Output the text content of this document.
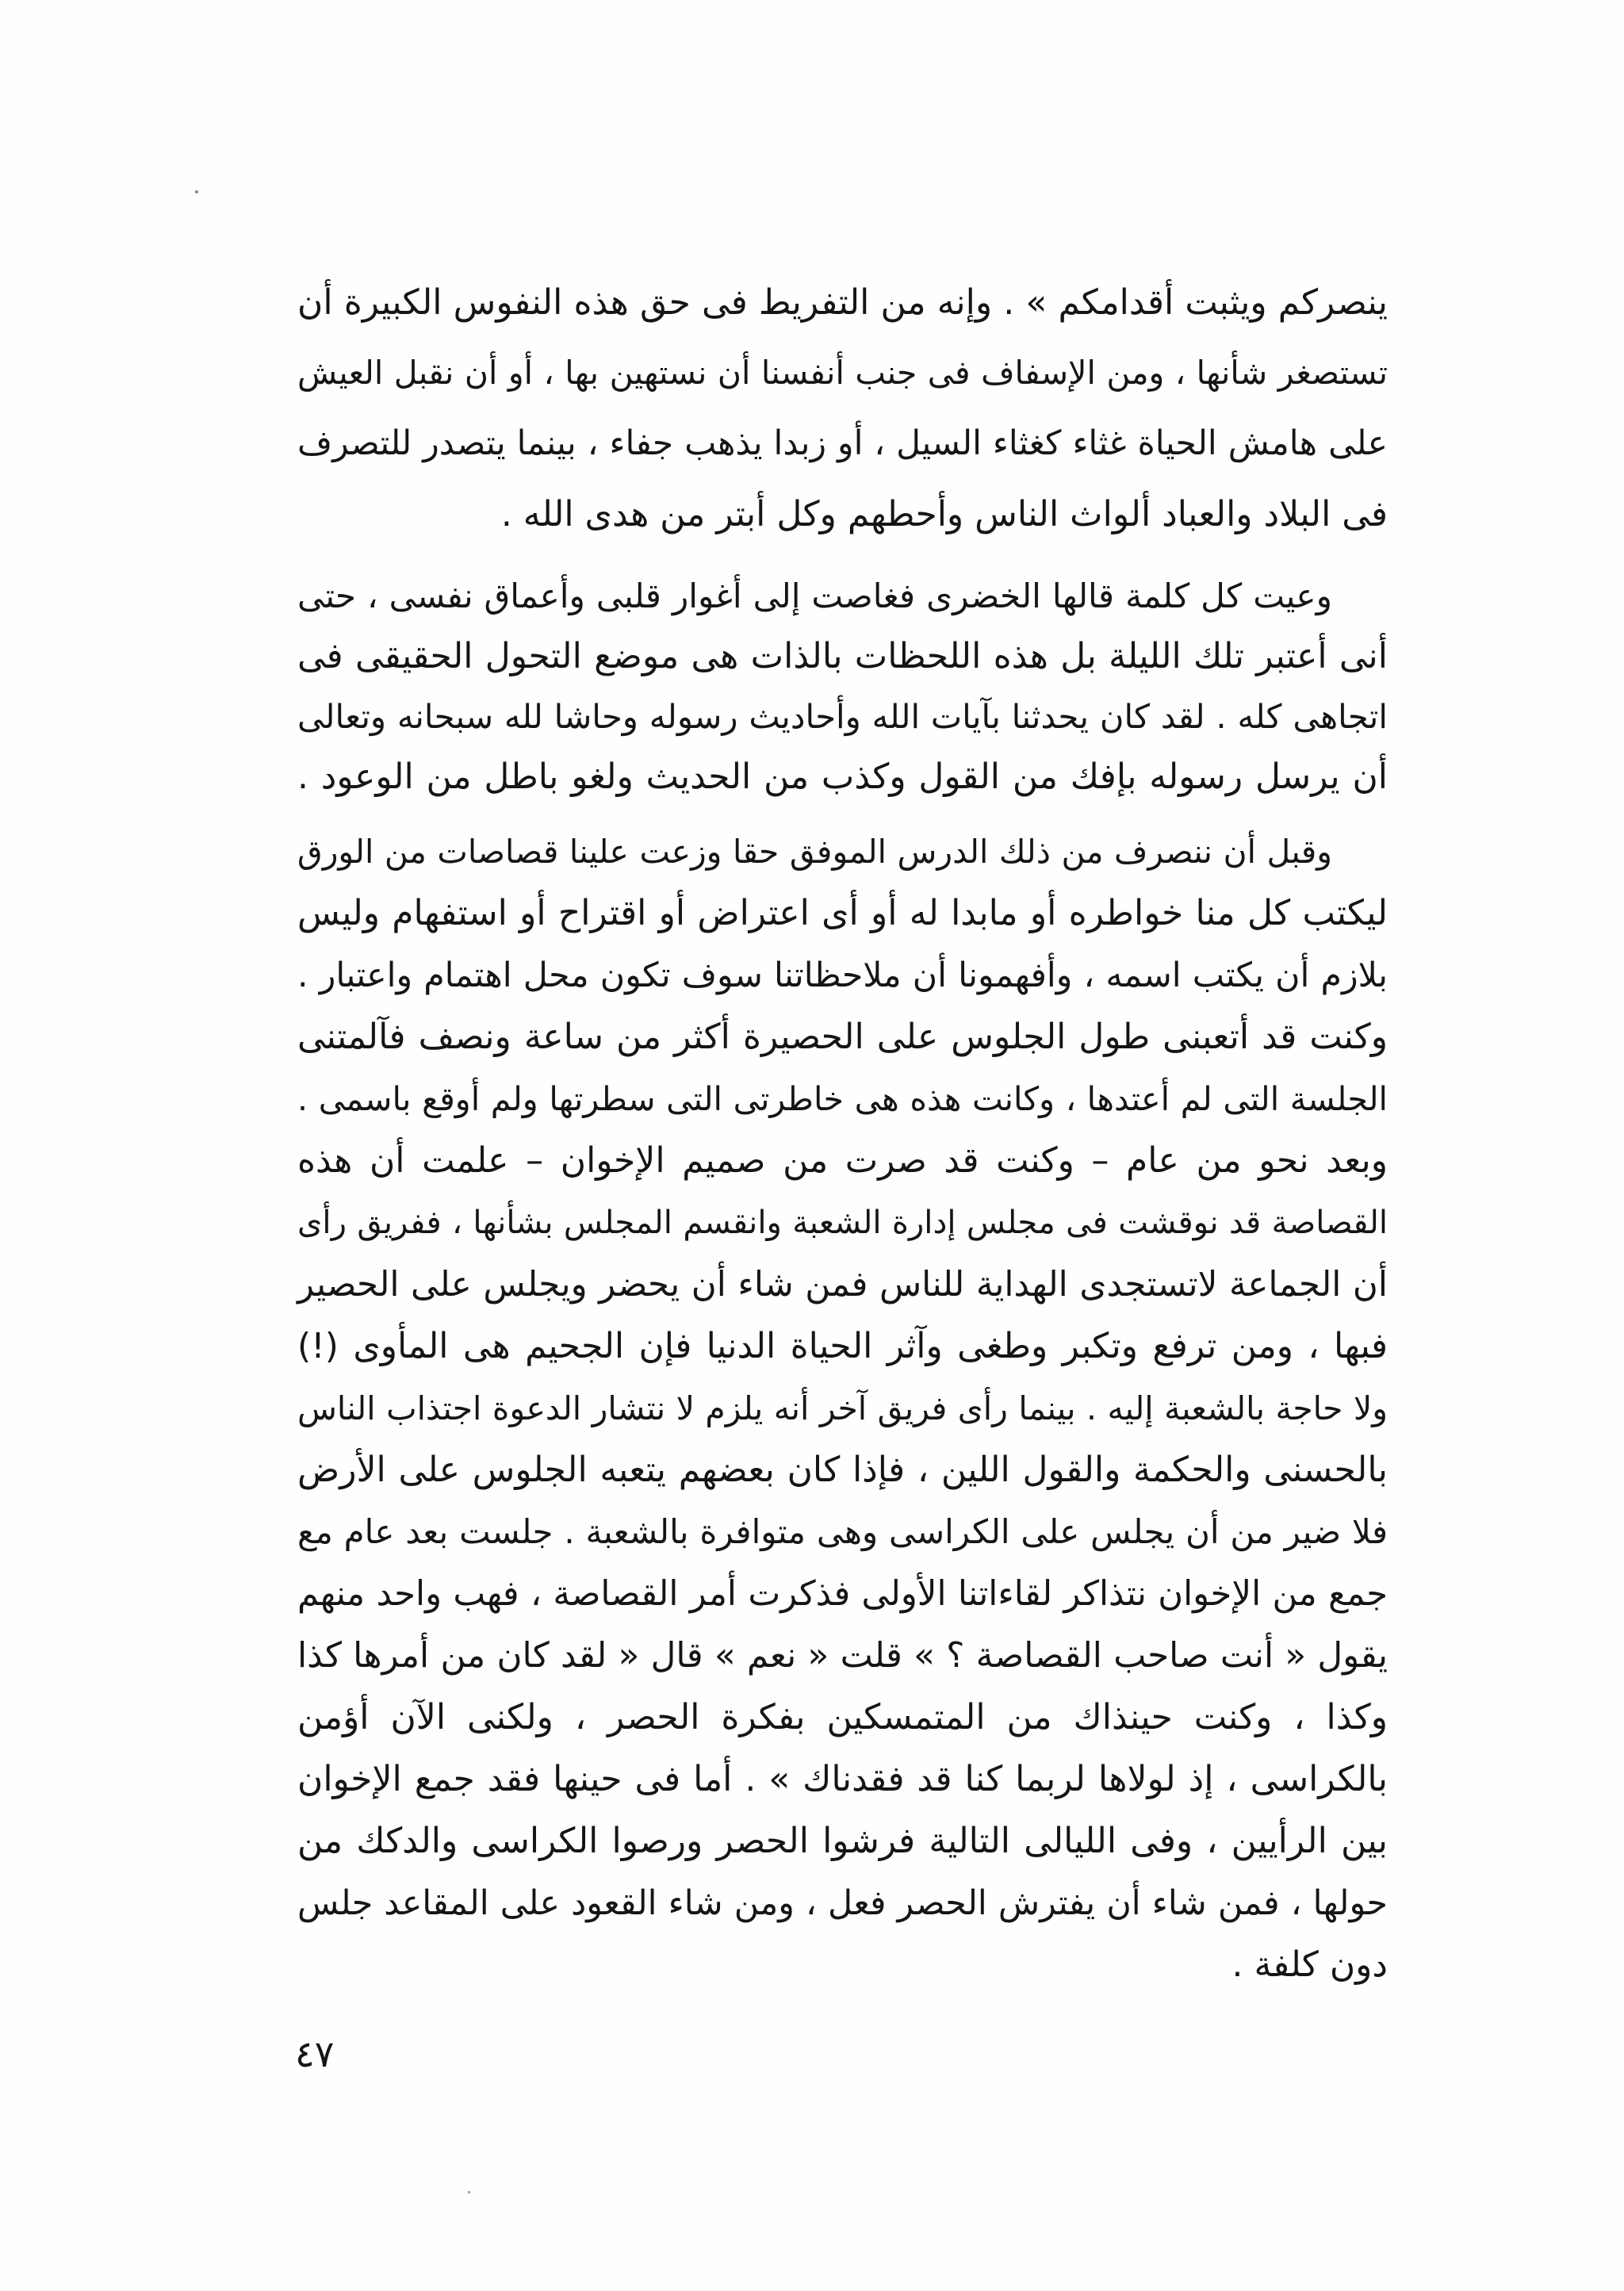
ينصركم ويثبت أقدامكم » . وإنه من التفريط فى حق هذه النفوس الكبيرة أن
تستصغر شأنها ، ومن الإسفاف فى جنب أنفسنا أن نستهين بها ، أو أن نقبل العيش
على هامش الحياة غثاء كغثاء السيل ، أو زبدا يذهب جفاء ، بينما يتصدر للتصرف
فى البلاد والعباد ألواث الناس وأحطهم وكل أبتر من هدى الله .
وعيت كل كلمة قالها الخضرى فغاصت إلى أغوار قلبى وأعماق نفسى ، حتى
أنى أعتبر تلك الليلة بل هذه اللحظات بالذات هى موضع التحول الحقيقى فى
اتجاهى كله . لقد كان يحدثنا بآيات الله وأحاديث رسوله وحاشا لله سبحانه وتعالى
أن يرسل رسوله بإفك من القول وكذب من الحديث ولغو باطل من الوعود .
وقبل أن ننصرف من ذلك الدرس الموفق حقا وزعت علينا قصاصات من الورق
ليكتب كل منا خواطره أو مابدا له أو أى اعتراض أو اقتراح أو استفهام وليس
بلازم أن يكتب اسمه ، وأفهمونا أن ملاحظاتنا سوف تكون محل اهتمام واعتبار .
وكنت قد أتعبنى طول الجلوس على الحصيرة أكثر من ساعة ونصف فآلمتنى
الجلسة التى لم أعتدها ، وكانت هذه هى خاطرتى التى سطرتها ولم أوقع باسمى .
وبعد نحو من عام – وكنت قد صرت من صميم الإخوان – علمت أن هذه
القصاصة قد نوقشت فى مجلس إدارة الشعبة وانقسم المجلس بشأنها ، ففريق رأى
أن الجماعة لاتستجدى الهداية للناس فمن شاء أن يحضر ويجلس على الحصير
فبها ، ومن ترفع وتكبر وطغى وآثر الحياة الدنيا فإن الجحيم هى المأوى (!)
ولا حاجة بالشعبة إليه . بينما رأى فريق آخر أنه يلزم لا نتشار الدعوة اجتذاب الناس
بالحسنى والحكمة والقول اللين ، فإذا كان بعضهم يتعبه الجلوس على الأرض
فلا ضير من أن يجلس على الكراسى وهى متوافرة بالشعبة . جلست بعد عام مع
جمع من الإخوان نتذاكر لقاءاتنا الأولى فذكرت أمر القصاصة ، فهب واحد منهم
يقول « أنت صاحب القصاصة ؟ » قلت « نعم » قال « لقد كان من أمرها كذا
وكذا ، وكنت حينذاك من المتمسكين بفكرة الحصر ، ولكنى الآن أؤمن
بالكراسى ، إذ لولاها لربما كنا قد فقدناك » . أما فى حينها فقد جمع الإخوان
بين الرأيين ، وفى الليالى التالية فرشوا الحصر ورصوا الكراسى والدكك من
حولها ، فمن شاء أن يفترش الحصر فعل ، ومن شاء القعود على المقاعد جلس
دون كلفة .
٤٧
